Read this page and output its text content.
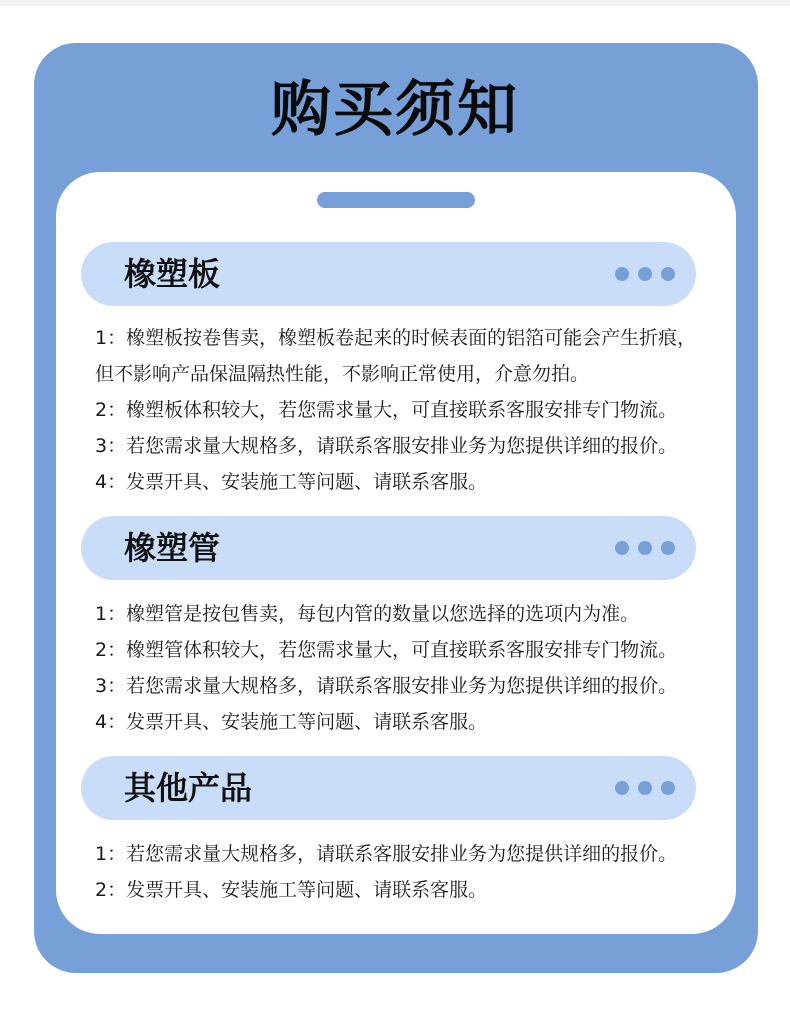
购买须知
橡塑板

1：橡塑板按卷售卖，橡塑板卷起来的时候表面的铝箔可能会产生折痕，但不影响产品保温隔热性能，不影响正常使用，介意勿拍。

2：橡塑板体积较大，若您需求量大，可直接联系客服安排专门物流。

3：若您需求量大规格多，请联系客服安排业务为您提供详细的报价。

4：发票开具、安装施工等问题、请联系客服。

橡塑管

1：橡塑管是按包售卖，每包内管的数量以您选择的选项内为准。

2：橡塑管体积较大，若您需求量大，可直接联系客服安排专门物流。

3：若您需求量大规格多，请联系客服安排业务为您提供详细的报价。

4：发票开具、安装施工等问题、请联系客服。

其他产品

1：若您需求量大规格多，请联系客服安排业务为您提供详细的报价。

2：发票开具、安装施工等问题、请联系客服。
